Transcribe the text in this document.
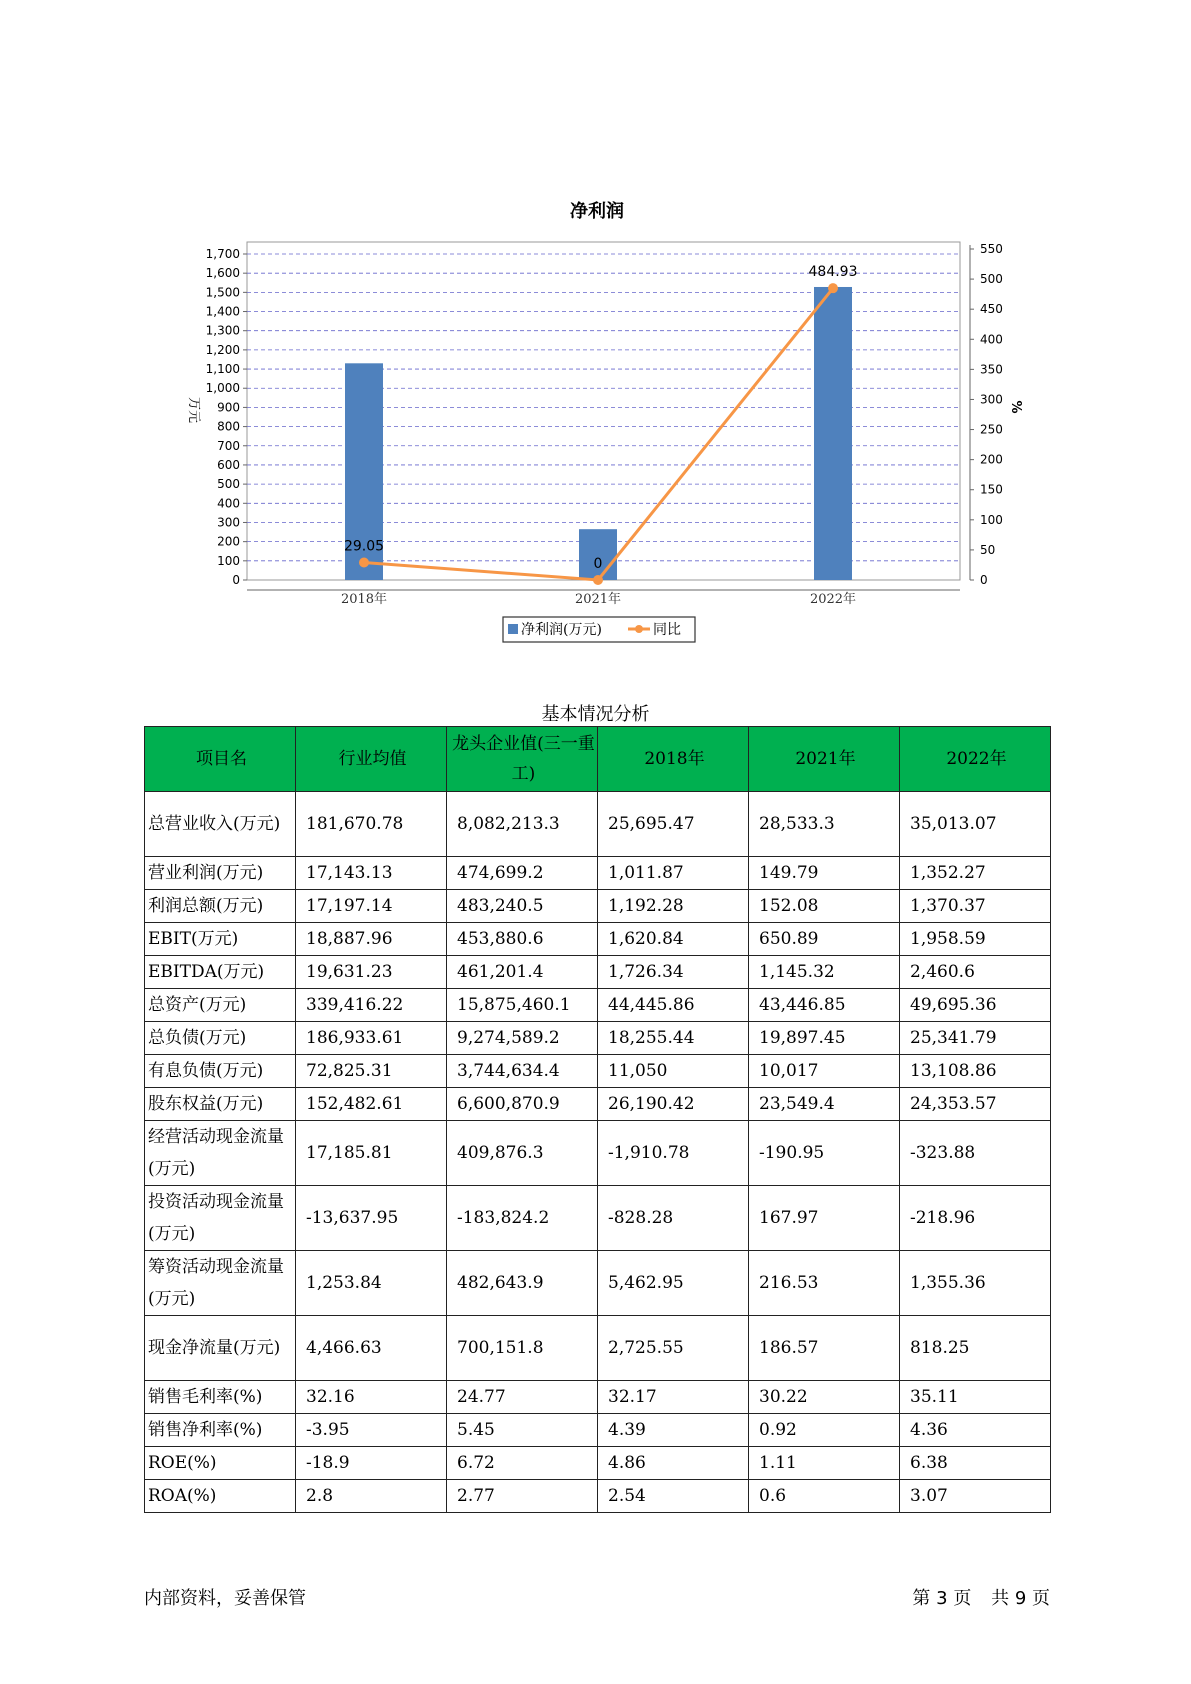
净利润
0
100
200
300
400
500
600
700
800
900
1,000
1,100
1,200
1,300
1,400
1,500
1,600
1,700
0
50
100
150
200
250
300
350
400
450
500
550
万元	%
2018年	2021年	2022年
29.05
0
484.93
净利润(万元)	同比
基本情况分析
项目名	行业均值	龙头企业值(三一重工)	2018年	2021年	2022年
总营业收入(万元)	181,670.78	8,082,213.3	25,695.47	28,533.3	35,013.07
营业利润(万元)	17,143.13	474,699.2	1,011.87	149.79	1,352.27
利润总额(万元)	17,197.14	483,240.5	1,192.28	152.08	1,370.37
EBIT(万元)	18,887.96	453,880.6	1,620.84	650.89	1,958.59
EBITDA(万元)	19,631.23	461,201.4	1,726.34	1,145.32	2,460.6
总资产(万元)	339,416.22	15,875,460.1	44,445.86	43,446.85	49,695.36
总负债(万元)	186,933.61	9,274,589.2	18,255.44	19,897.45	25,341.79
有息负债(万元)	72,825.31	3,744,634.4	11,050	10,017	13,108.86
股东权益(万元)	152,482.61	6,600,870.9	26,190.42	23,549.4	24,353.57
经营活动现金流量(万元)	17,185.81	409,876.3	-1,910.78	-190.95	-323.88
投资活动现金流量(万元)	-13,637.95	-183,824.2	-828.28	167.97	-218.96
筹资活动现金流量(万元)	1,253.84	482,643.9	5,462.95	216.53	1,355.36
现金净流量(万元)	4,466.63	700,151.8	2,725.55	186.57	818.25
销售毛利率(%)	32.16	24.77	32.17	30.22	35.11
销售净利率(%)	-3.95	5.45	4.39	0.92	4.36
ROE(%)	-18.9	6.72	4.86	1.11	6.38
ROA(%)	2.8	2.77	2.54	0.6	3.07
内部资料，妥善保管	第 3 页 共 9 页
